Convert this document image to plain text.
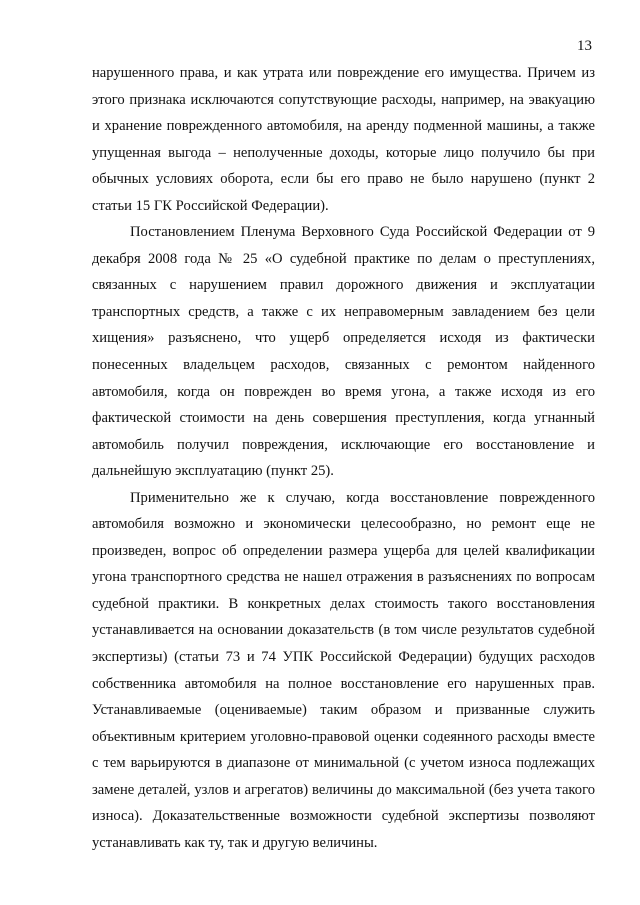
13

нарушенного права, и как утрата или повреждение его имущества. Причем из этого признака исключаются сопутствующие расходы, например, на эвакуацию и хранение поврежденного автомобиля, на аренду подменной машины, а также упущенная выгода – неполученные доходы, которые лицо получило бы при обычных условиях оборота, если бы его право не было нарушено (пункт 2 статьи 15 ГК Российской Федерации).

Постановлением Пленума Верховного Суда Российской Федерации от 9 декабря 2008 года № 25 «О судебной практике по делам о преступлениях, связанных с нарушением правил дорожного движения и эксплуатации транспортных средств, а также с их неправомерным завладением без цели хищения» разъяснено, что ущерб определяется исходя из фактически понесенных владельцем расходов, связанных с ремонтом найденного автомобиля, когда он поврежден во время угона, а также исходя из его фактической стоимости на день совершения преступления, когда угнанный автомобиль получил повреждения, исключающие его восстановление и дальнейшую эксплуатацию (пункт 25).

Применительно же к случаю, когда восстановление поврежденного автомобиля возможно и экономически целесообразно, но ремонт еще не произведен, вопрос об определении размера ущерба для целей квалификации угона транспортного средства не нашел отражения в разъяснениях по вопросам судебной практики. В конкретных делах стоимость такого восстановления устанавливается на основании доказательств (в том числе результатов судебной экспертизы) (статьи 73 и 74 УПК Российской Федерации) будущих расходов собственника автомобиля на полное восстановление его нарушенных прав. Устанавливаемые (оцениваемые) таким образом и призванные служить объективным критерием уголовно-правовой оценки содеянного расходы вместе с тем варьируются в диапазоне от минимальной (с учетом износа подлежащих замене деталей, узлов и агрегатов) величины до максимальной (без учета такого износа). Доказательственные возможности судебной экспертизы позволяют устанавливать как ту, так и другую величины.
